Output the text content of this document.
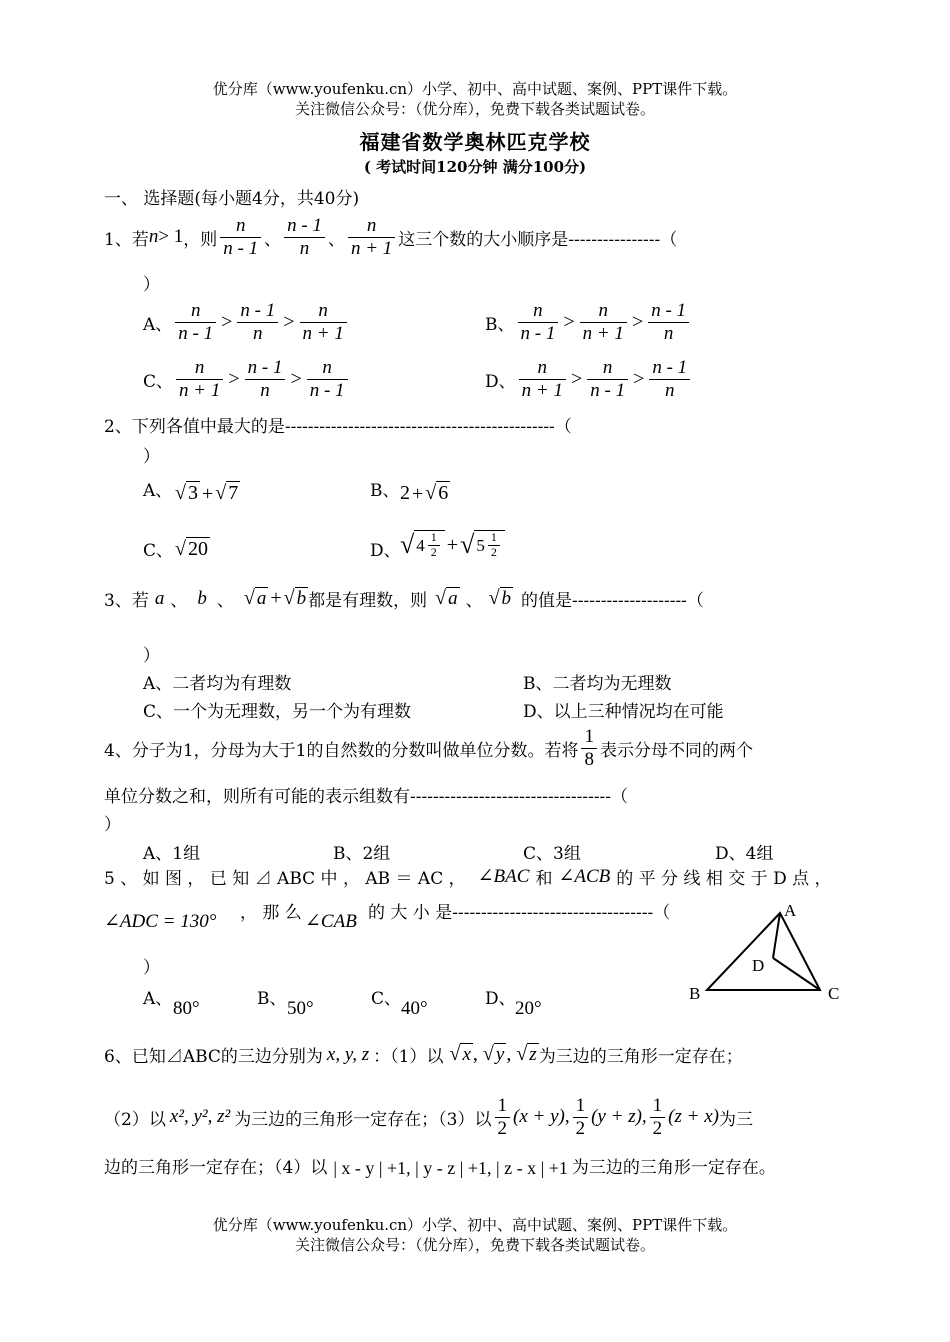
优分库（www.youfenku.cn）小学、初中、高中试题、案例、PPT课件下载。
关注微信公众号：（优分库），免费下载各类试题试卷。
福建省数学奥林匹克学校
( 考试时间120分钟 满分100分)
一、 选择题(每小题4分，共40分)
1、若 n > 1 ，则 $\frac{n}{n - 1}$ 、 $\frac{n - 1}{n}$ 、 $\frac{n}{n + 1}$ 这三个数的大小顺序是 ----------------（
）
A、 $\frac{n}{n - 1} > \frac{n - 1}{n} > \frac{n}{n + 1}$	B、 $\frac{n}{n - 1} > \frac{n}{n + 1} > \frac{n - 1}{n}$
C、 $\frac{n}{n + 1} > \frac{n - 1}{n} > \frac{n}{n - 1}$	D、 $\frac{n}{n + 1} > \frac{n}{n - 1} > \frac{n - 1}{n}$
2、下列各值中最大的是-----------------------------------------------（
）
A、 √ 3 + √ 7	B、 2 + √ 6
C、 √ 20	D、 √ $4 \frac{1}{2}$ + √ $5 \frac{1}{2}$
3、若 a 、 b 、 √ a + √ b 都是有理数，则 √ a 、 √ b 的值是 --------------------（
）
A、二者均为有理数	B、二者均为无理数
C、一个为无理数，另一个为有理数	D、以上三种情况均在可能
4、分子为1，分母为大于1的自然数的分数叫做单位分数。若将 $\frac{1}{8}$ 表示分母不同的两个
单位分数之和，则所有可能的表示组数有-----------------------------------（
）
A、1组	B、2组	C、3组	D、4组
5 、 如 图 ， 已 知 ⊿ ABC 中 ， AB ＝ AC ， ∠BAC 和 ∠ACB 的 平 分 线 相 交 于 D 点 ，
∠ADC = 130° ， 那 么 ∠CAB 的 大 小 是-----------------------------------（
）
A、 80°	B、 50°	C、 40°	D、 20°
A
B	C
D
6、已知⊿ABC的三边分别为 x, y, z ：（1）以 √ x , √ y , √ z 为三边的三角形一定存在；
（2）以 x², y², z² 为三边的三角形一定存在；（3）以 $\frac{1}{2} (x + y)$, $\frac{1}{2} (y + z)$, $\frac{1}{2} (z + x)$ 为三
边的三角形一定存在；（4）以 | x - y | +1, | y - z | +1, | z - x | +1 为三边的三角形一定存在。
优分库（www.youfenku.cn）小学、初中、高中试题、案例、PPT课件下载。
关注微信公众号：（优分库），免费下载各类试题试卷。
